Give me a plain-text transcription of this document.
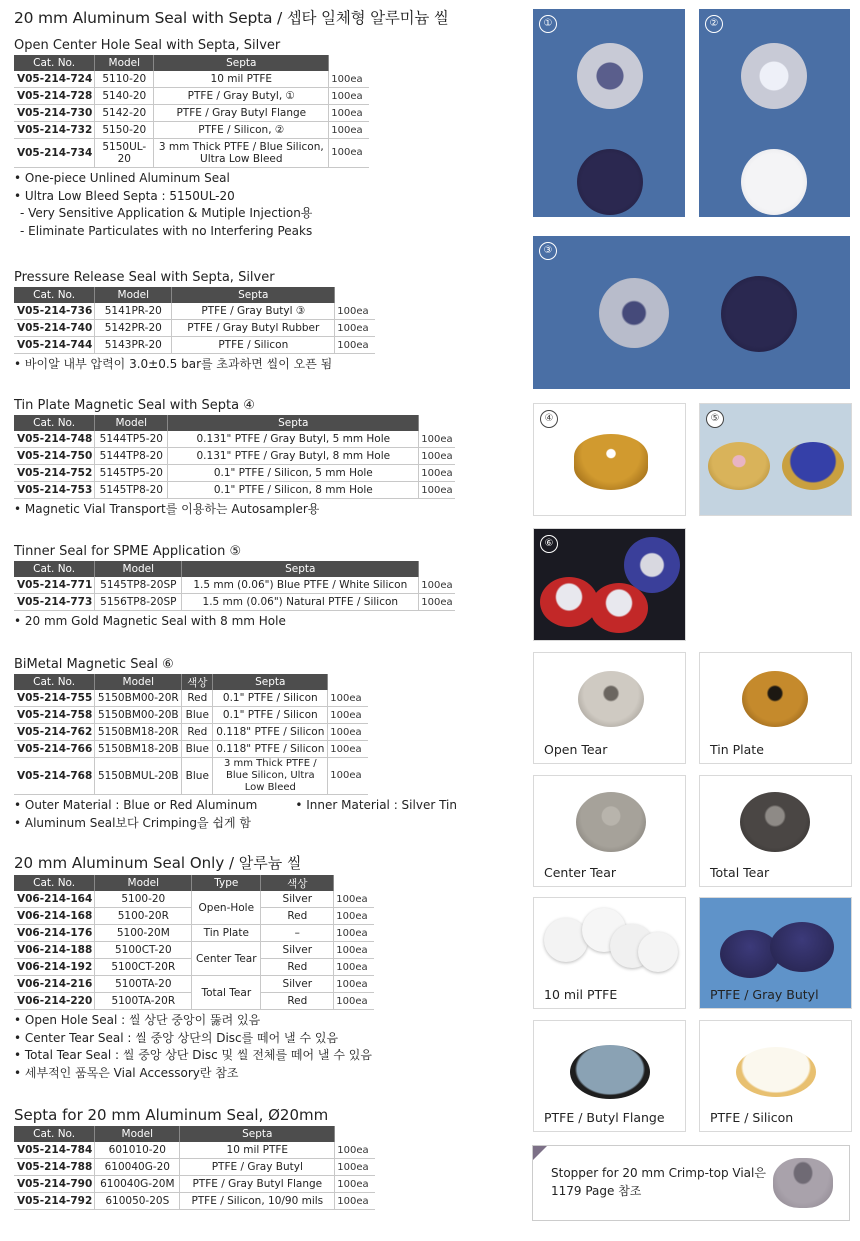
20 mm Aluminum Seal with Septa / 셉타 일체형 알루미늄 씰
Open Center Hole Seal with Septa, Silver
Cat. No.	Model	Septa	
V05-214-724	5110-20	10 mil PTFE	100ea
V05-214-728	5140-20	PTFE / Gray Butyl, ①	100ea
V05-214-730	5142-20	PTFE / Gray Butyl Flange	100ea
V05-214-732	5150-20	PTFE / Silicon, ②	100ea
V05-214-734	5150UL-20	3 mm Thick PTFE / Blue Silicon, Ultra Low Bleed	100ea
• One-piece Unlined Aluminum Seal
• Ultra Low Bleed Septa : 5150UL-20
- Very Sensitive Application & Mutiple Injection용
- Eliminate Particulates with no Interfering Peaks
Pressure Release Seal with Septa, Silver
Cat. No.	Model	Septa	
V05-214-736	5141PR-20	PTFE / Gray Butyl ③	100ea
V05-214-740	5142PR-20	PTFE / Gray Butyl Rubber	100ea
V05-214-744	5143PR-20	PTFE / Silicon	100ea
• 바이알 내부 압력이 3.0±0.5 bar를 초과하면 씰이 오픈 됨
Tin Plate Magnetic Seal with Septa ④
Cat. No.	Model	Septa	
V05-214-748	5144TP5-20	0.131" PTFE / Gray Butyl, 5 mm Hole	100ea
V05-214-750	5144TP8-20	0.131" PTFE / Gray Butyl, 8 mm Hole	100ea
V05-214-752	5145TP5-20	0.1" PTFE / Silicon, 5 mm Hole	100ea
V05-214-753	5145TP8-20	0.1" PTFE / Silicon, 8 mm Hole	100ea
• Magnetic Vial Transport를 이용하는 Autosampler용
Tinner Seal for SPME Application ⑤
Cat. No.	Model	Septa	
V05-214-771	5145TP8-20SP	1.5 mm (0.06") Blue PTFE / White Silicon	100ea
V05-214-773	5156TP8-20SP	1.5 mm (0.06") Natural PTFE / Silicon	100ea
• 20 mm Gold Magnetic Seal with 8 mm Hole
BiMetal Magnetic Seal ⑥
Cat. No.	Model	색상	Septa	
V05-214-755	5150BM00-20R	Red	0.1" PTFE / Silicon	100ea
V05-214-758	5150BM00-20B	Blue	0.1" PTFE / Silicon	100ea
V05-214-762	5150BM18-20R	Red	0.118" PTFE / Silicon	100ea
V05-214-766	5150BM18-20B	Blue	0.118" PTFE / Silicon	100ea
V05-214-768	5150BMUL-20B	Blue	3 mm Thick PTFE / Blue Silicon, Ultra Low Bleed	100ea
• Outer Material : Blue or Red Aluminum	• Inner Material : Silver Tin
• Aluminum Seal보다 Crimping을 쉽게 함
20 mm Aluminum Seal Only / 알루늄 씰
Cat. No.	Model	Type	색상	
V06-214-164	5100-20	Open-Hole	Silver	100ea
V06-214-168	5100-20R		Red	100ea
V06-214-176	5100-20M	Tin Plate	–	100ea
V06-214-188	5100CT-20	Center Tear	Silver	100ea
V06-214-192	5100CT-20R		Red	100ea
V06-214-216	5100TA-20	Total Tear	Silver	100ea
V06-214-220	5100TA-20R		Red	100ea
• Open Hole Seal : 씰 상단 중앙이 뚫려 있음
• Center Tear Seal : 씰 중앙 상단의 Disc를 떼어 낼 수 있음
• Total Tear Seal : 씰 중앙 상단 Disc 및 씰 전체를 떼어 낼 수 있음
• 세부적인 품목은 Vial Accessory란 참조
Septa for 20 mm Aluminum Seal, Ø20mm
Cat. No.	Model	Septa	
V05-214-784	601010-20	10 mil PTFE	100ea
V05-214-788	610040G-20	PTFE / Gray Butyl	100ea
V05-214-790	610040G-20M	PTFE / Gray Butyl Flange	100ea
V05-214-792	610050-20S	PTFE / Silicon, 10/90 mils	100ea
①	②
③
④	⑤
⑥
Open Tear	Tin Plate
Center Tear	Total Tear
10 mil PTFE	PTFE / Gray Butyl
PTFE / Butyl Flange	PTFE / Silicon
Stopper for 20 mm Crimp-top Vial은
1179 Page 참조
